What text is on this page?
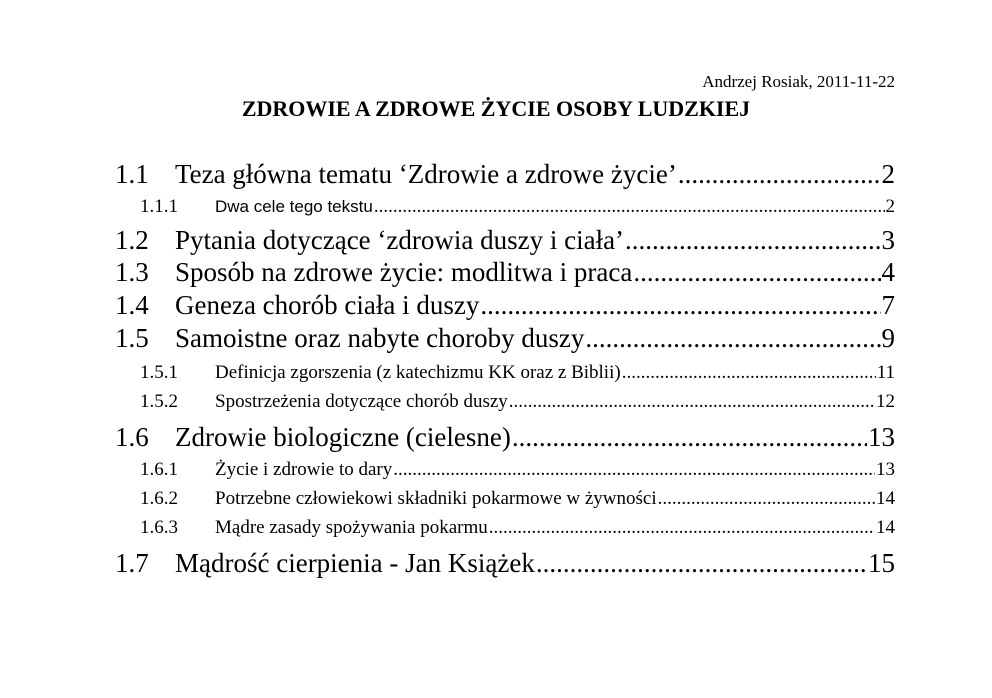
Andrzej Rosiak, 2011-11-22
ZDROWIE A ZDROWE ŻYCIE OSOBY LUDZKIEJ
1.1 Teza główna tematu ‘Zdrowie a zdrowe życie’ .....	2
1.1.1	Dwa cele tego tekstu .....	2
1.2 Pytania dotyczące ‘zdrowia duszy i ciała’ .....	3
1.3 Sposób na zdrowe życie: modlitwa i praca .....	4
1.4 Geneza chorób ciała i duszy .....	7
1.5 Samoistne oraz nabyte choroby duszy .....	9
1.5.1	Definicja zgorszenia (z katechizmu KK oraz z Biblii) .....	11
1.5.2	Spostrzeżenia dotyczące chorób duszy .....	12
1.6 Zdrowie biologiczne (cielesne) .....	13
1.6.1	Życie i zdrowie to dary .....	13
1.6.2	Potrzebne człowiekowi składniki pokarmowe w żywności .....	14
1.6.3	Mądre zasady spożywania pokarmu .....	14
1.7 Mądrość cierpienia - Jan Książek .....	15
